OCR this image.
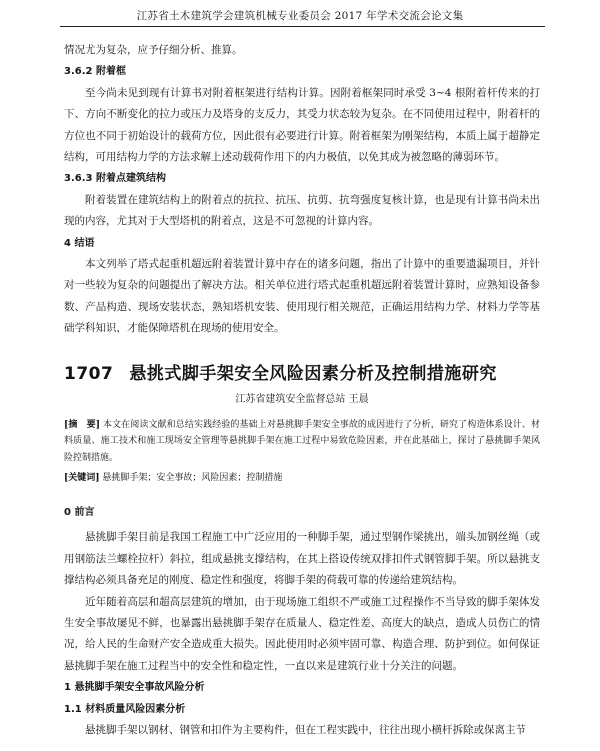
江苏省土木建筑学会建筑机械专业委员会 2017 年学术交流会论文集

情况尤为复杂，应予仔细分析、推算。

3.6.2 附着框

至今尚未见到现有计算书对附着框架进行结构计算。因附着框架同时承受 3~4 根附着杆传来的打下、方向不断变化的拉力或压力及塔身的支反力，其受力状态较为复杂。在不同使用过程中，附着杆的方位也不同于初始设计的载荷方位，因此很有必要进行计算。附着框架为刚架结构，本质上属于超静定结构，可用结构力学的方法求解上述动载荷作用下的内力极值，以免其成为被忽略的薄弱环节。

3.6.3 附着点建筑结构

附着装置在建筑结构上的附着点的抗拉、抗压、抗剪、抗弯强度复核计算，也是现有计算书尚未出现的内容，尤其对于大型塔机的附着点，这是不可忽视的计算内容。

4 结语

本文列举了塔式起重机超远附着装置计算中存在的诸多问题，指出了计算中的重要遗漏项目，并针对一些较为复杂的问题提出了解决方法。相关单位进行塔式起重机超远附着装置计算时，应熟知设备参数、产品构造、现场安装状态，熟知塔机安装、使用现行相关规范，正确运用结构力学、材料力学等基础学科知识，才能保障塔机在现场的使用安全。

1707 悬挑式脚手架安全风险因素分析及控制措施研究

江苏省建筑安全监督总站 王晨

[摘　要] 本文在阅读文献和总结实践经验的基础上对悬挑脚手架安全事故的成因进行了分析，研究了构造体系设计、材料质量、施工技术和施工现场安全管理等悬挑脚手架在施工过程中易致危险因素，并在此基础上，探讨了悬挑脚手架风险控制措施。

[关键词] 悬挑脚手架；安全事故；风险因素；控制措施

0 前言

悬挑脚手架目前是我国工程施工中广泛应用的一种脚手架，通过型钢作梁挑出，端头加钢丝绳（或用钢筋法兰螺栓拉杆）斜拉，组成悬挑支撑结构，在其上搭设传统双排扣件式钢管脚手架。所以悬挑支撑结构必须具备充足的刚度、稳定性和强度，将脚手架的荷载可靠的传递给建筑结构。

近年随着高层和超高层建筑的增加，由于现场施工组织不严或施工过程操作不当导致的脚手架体发生安全事故屡见不鲜，也暴露出悬挑脚手架存在质量人、稳定性差、高度大的缺点，造成人员伤亡的情况，给人民的生命财产安全造成重大损失。因此使用时必须牢固可靠、构造合理、防护到位。如何保证悬挑脚手架在施工过程当中的安全性和稳定性，一直以来是建筑行业十分关注的问题。

1 悬挑脚手架安全事故风险分析

1.1 材料质量风险因素分析

悬挑脚手架以钢材、钢管和扣件为主要构件，但在工程实践中，往往出现小横杆拆除或保离主节
